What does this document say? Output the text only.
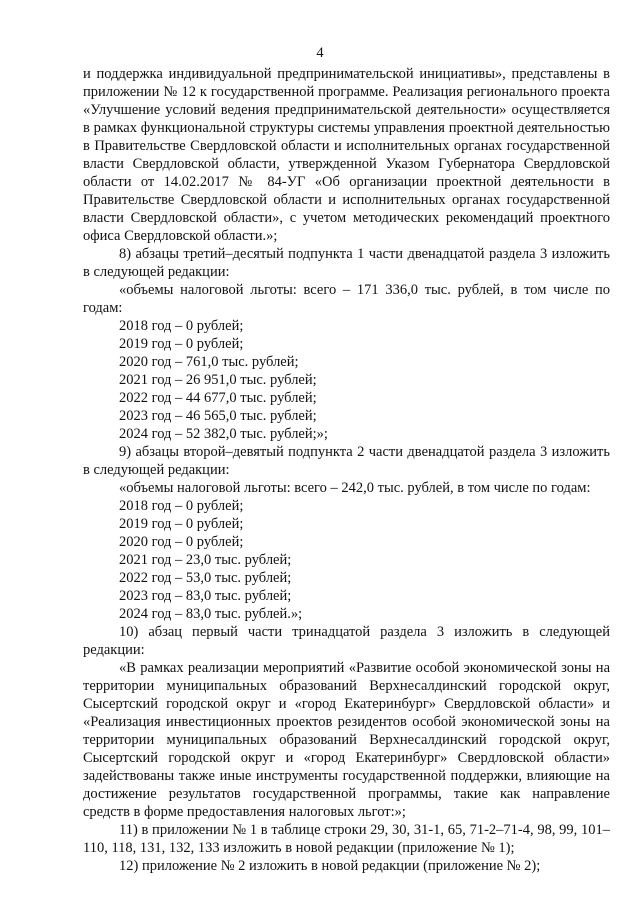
4

и поддержка индивидуальной предпринимательской инициативы», представлены в приложении № 12 к государственной программе. Реализация регионального проекта «Улучшение условий ведения предпринимательской деятельности» осуществляется в рамках функциональной структуры системы управления проектной деятельностью в Правительстве Свердловской области и исполнительных органах государственной власти Свердловской области, утвержденной Указом Губернатора Свердловской области от 14.02.2017 № 84-УГ «Об организации проектной деятельности в Правительстве Свердловской области и исполнительных органах государственной власти Свердловской области», с учетом методических рекомендаций проектного офиса Свердловской области.»;

8) абзацы третий–десятый подпункта 1 части двенадцатой раздела 3 изложить в следующей редакции:

«объемы налоговой льготы: всего – 171 336,0 тыс. рублей, в том числе по годам:

2018 год – 0 рублей;

2019 год – 0 рублей;

2020 год – 761,0 тыс. рублей;

2021 год – 26 951,0 тыс. рублей;

2022 год – 44 677,0 тыс. рублей;

2023 год – 46 565,0 тыс. рублей;

2024 год – 52 382,0 тыс. рублей;»;

9) абзацы второй–девятый подпункта 2 части двенадцатой раздела 3 изложить в следующей редакции:

«объемы налоговой льготы: всего – 242,0 тыс. рублей, в том числе по годам:

2018 год – 0 рублей;

2019 год – 0 рублей;

2020 год – 0 рублей;

2021 год – 23,0 тыс. рублей;

2022 год – 53,0 тыс. рублей;

2023 год – 83,0 тыс. рублей;

2024 год – 83,0 тыс. рублей.»;

10) абзац первый части тринадцатой раздела 3 изложить в следующей редакции:

«В рамках реализации мероприятий «Развитие особой экономической зоны на территории муниципальных образований Верхнесалдинский городской округ, Сысертский городской округ и «город Екатеринбург» Свердловской области» и «Реализация инвестиционных проектов резидентов особой экономической зоны на территории муниципальных образований Верхнесалдинский городской округ, Сысертский городской округ и «город Екатеринбург» Свердловской области» задействованы также иные инструменты государственной поддержки, влияющие на достижение результатов государственной программы, такие как направление средств в форме предоставления налоговых льгот:»;

11) в приложении № 1 в таблице строки 29, 30, 31-1, 65, 71-2–71-4, 98, 99, 101–110, 118, 131, 132, 133 изложить в новой редакции (приложение № 1);

12) приложение № 2 изложить в новой редакции (приложение № 2);
